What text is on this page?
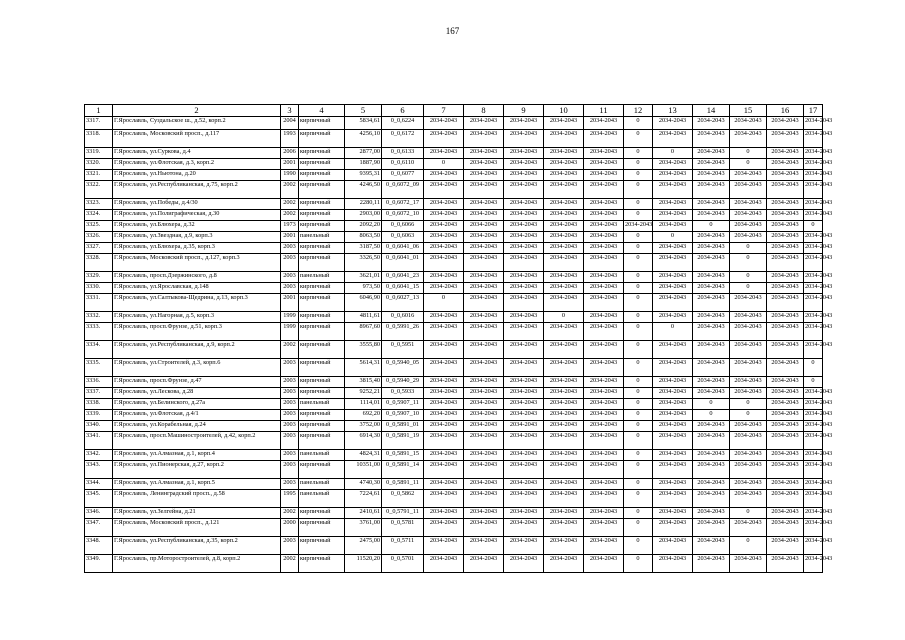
167
1	2	3	4	5	6	7	8	9	10	11	12	13	14	15	16	17
3317.	Г.Ярославль, Суздальское ш., д.52, корп.2	2004	кирпичный	5834,61	0_0,6224	2034-2043	2034-2043	2034-2043	2034-2043	2034-2043	0	2034-2043	2034-2043	2034-2043	2034-2043	2034-2043
3318.	Г.Ярославль, Московский просп., д.117	1993	кирпичный	4256,10	0_0,6172	2034-2043	2034-2043	2034-2043	2034-2043	2034-2043	0	2034-2043	2034-2043	2034-2043	2034-2043	2034-2043
3319.	Г.Ярославль, ул.Суркова, д.4	2006	кирпичный	2877,00	0_0,6133	2034-2043	2034-2043	2034-2043	2034-2043	2034-2043	0	0	2034-2043	0	2034-2043	2034-2043
3320.	Г.Ярославль, ул.Флотская, д.3, корп.2	2001	кирпичный	1887,90	0_0,6110	0	2034-2043	2034-2043	2034-2043	2034-2043	0	2034-2043	2034-2043	0	2034-2043	2034-2043
3321.	Г.Ярославль, ул.Ньютона, д.20	1990	кирпичный	9395,31	0_0,6077	2034-2043	2034-2043	2034-2043	2034-2043	2034-2043	0	2034-2043	2034-2043	2034-2043	2034-2043	2034-2043
3322.	Г.Ярославль, ул.Республиканская, д.75, корп.2	2002	кирпичный	4246,50	0_0,6072_09	2034-2043	2034-2043	2034-2043	2034-2043	2034-2043	0	2034-2043	2034-2043	2034-2043	2034-2043	2034-2043
3323.	Г.Ярославль, ул.Победы, д.4/30	2002	кирпичный	2280,11	0_0,6072_17	2034-2043	2034-2043	2034-2043	2034-2043	2034-2043	0	2034-2043	2034-2043	2034-2043	2034-2043	2034-2043
3324.	Г.Ярославль, ул.Полиграфическая, д.30	2002	кирпичный	2903,00	0_0,6072_10	2034-2043	2034-2043	2034-2043	2034-2043	2034-2043	0	2034-2043	2034-2043	2034-2043	2034-2043	2034-2043
3325.	Г.Ярославль, ул.Блюхера, д.32	1973	кирпичный	2092,20	0_0,6066	2034-2043	2034-2043	2034-2043	2034-2043	2034-2043	2034-2043	2034-2043	0	2034-2043	2034-2043	0
3326.	Г.Ярославль, ул.Звездная, д.9, корп.3	2001	панельный	8063,50	0_0,6063	2034-2043	2034-2043	2034-2043	2034-2043	2034-2043	0	0	2034-2043	2034-2043	2034-2043	2034-2043
3327.	Г.Ярославль, ул.Блюхера, д.35, корп.3	2003	кирпичный	3187,50	0_0,6041_06	2034-2043	2034-2043	2034-2043	2034-2043	2034-2043	0	2034-2043	2034-2043	0	2034-2043	2034-2043
3328.	Г.Ярославль, Московский просп., д.127, корп.3	2003	кирпичный	3326,50	0_0,6041_01	2034-2043	2034-2043	2034-2043	2034-2043	2034-2043	0	2034-2043	2034-2043	0	2034-2043	2034-2043
3329.	Г.Ярославль, просп.Дзержинского, д.8	2003	панельный	3621,01	0_0,6041_23	2034-2043	2034-2043	2034-2043	2034-2043	2034-2043	0	2034-2043	2034-2043	0	2034-2043	2034-2043
3330.	Г.Ярославль, ул.Ярославская, д.148	2003	кирпичный	973,50	0_0,6041_15	2034-2043	2034-2043	2034-2043	2034-2043	2034-2043	0	2034-2043	2034-2043	0	2034-2043	2034-2043
3331.	Г.Ярославль, ул.Салтыкова-Щедрина, д.13, корп.3	2001	кирпичный	6046,90	0_0,6027_13	0	2034-2043	2034-2043	2034-2043	2034-2043	0	2034-2043	2034-2043	2034-2043	2034-2043	2034-2043
3332.	Г.Ярославль, ул.Нагорная, д.5, корп.3	1999	кирпичный	4811,61	0_0,6016	2034-2043	2034-2043	2034-2043	0	2034-2043	0	2034-2043	2034-2043	2034-2043	2034-2043	2034-2043
3333.	Г.Ярославль, просп.Фрунзе, д.51, корп.3	1999	кирпичный	8967,60	0_0,5991_26	2034-2043	2034-2043	2034-2043	2034-2043	2034-2043	0	0	2034-2043	2034-2043	2034-2043	2034-2043
3334.	Г.Ярославль, ул.Республиканская, д.9, корп.2	2002	кирпичный	3555,80	0_0,5951	2034-2043	2034-2043	2034-2043	2034-2043	2034-2043	0	2034-2043	2034-2043	2034-2043	2034-2043	2034-2043
3335.	Г.Ярославль, ул.Строителей, д.3, корп.6	2003	кирпичный	5614,31	0_0,5940_05	2034-2043	2034-2043	2034-2043	2034-2043	2034-2043	0	2034-2043	2034-2043	2034-2043	2034-2043	0
3336.	Г.Ярославль, просп.Фрунзе, д.47	2003	кирпичный	3815,40	0_0,5940_29	2034-2043	2034-2043	2034-2043	2034-2043	2034-2043	0	2034-2043	2034-2043	2034-2043	2034-2043	0
3337.	Г.Ярославль, ул.Лескова, д.28	2003	кирпичный	9252,21	0_0,5933	2034-2043	2034-2043	2034-2043	2034-2043	2034-2043	0	2034-2043	2034-2043	2034-2043	2034-2043	2034-2043
3338.	Г.Ярославль, ул.Белинского, д.27а	2003	панельный	1114,01	0_0,5907_11	2034-2043	2034-2043	2034-2043	2034-2043	2034-2043	0	2034-2043	0	0	2034-2043	2034-2043
3339.	Г.Ярославль, ул.Флотская, д.4/1	2003	кирпичный	692,20	0_0,5907_10	2034-2043	2034-2043	2034-2043	2034-2043	2034-2043	0	2034-2043	0	0	2034-2043	2034-2043
3340.	Г.Ярославль, ул.Корабельная, д.24	2003	кирпичный	3752,00	0_0,5891_01	2034-2043	2034-2043	2034-2043	2034-2043	2034-2043	0	2034-2043	2034-2043	2034-2043	2034-2043	2034-2043
3341.	Г.Ярославль, просп.Машиностроителей, д.42, корп.2	2003	кирпичный	6914,30	0_0,5891_19	2034-2043	2034-2043	2034-2043	2034-2043	2034-2043	0	2034-2043	2034-2043	2034-2043	2034-2043	2034-2043
3342.	Г.Ярославль, ул.Алмазная, д.1, корп.4	2003	панельный	4824,31	0_0,5891_15	2034-2043	2034-2043	2034-2043	2034-2043	2034-2043	0	2034-2043	2034-2043	2034-2043	2034-2043	2034-2043
3343.	Г.Ярославль, ул.Пионерская, д.27, корп.2	2003	кирпичный	10351,00	0_0,5891_14	2034-2043	2034-2043	2034-2043	2034-2043	2034-2043	0	2034-2043	2034-2043	2034-2043	2034-2043	2034-2043
3344.	Г.Ярославль, ул.Алмазная, д.1, корп.5	2003	панельный	4740,30	0_0,5891_11	2034-2043	2034-2043	2034-2043	2034-2043	2034-2043	0	2034-2043	2034-2043	2034-2043	2034-2043	2034-2043
3345.	Г.Ярославль, Ленинградский просп., д.58	1995	панельный	7224,61	0_0,5862	2034-2043	2034-2043	2034-2043	2034-2043	2034-2043	0	2034-2043	2034-2043	2034-2043	2034-2043	2034-2043
3346.	Г.Ярославль, ул.Зелгейна, д.21	2002	кирпичный	2410,61	0_0,5791_11	2034-2043	2034-2043	2034-2043	2034-2043	2034-2043	0	2034-2043	2034-2043	0	2034-2043	2034-2043
3347.	Г.Ярославль, Московский просп., д.121	2000	кирпичный	3761,00	0_0,5781	2034-2043	2034-2043	2034-2043	2034-2043	2034-2043	0	2034-2043	2034-2043	2034-2043	2034-2043	2034-2043
3348.	Г.Ярославль, ул.Республиканская, д.35, корп.2	2003	кирпичный	2475,00	0_0,5711	2034-2043	2034-2043	2034-2043	2034-2043	2034-2043	0	2034-2043	2034-2043	0	2034-2043	2034-2043
3349.	Г.Ярославль, пр.Моторостроителей, д.8, корп.2	2002	кирпичный	11520,20	0_0,5701	2034-2043	2034-2043	2034-2043	2034-2043	2034-2043	0	2034-2043	2034-2043	2034-2043	2034-2043	2034-2043
